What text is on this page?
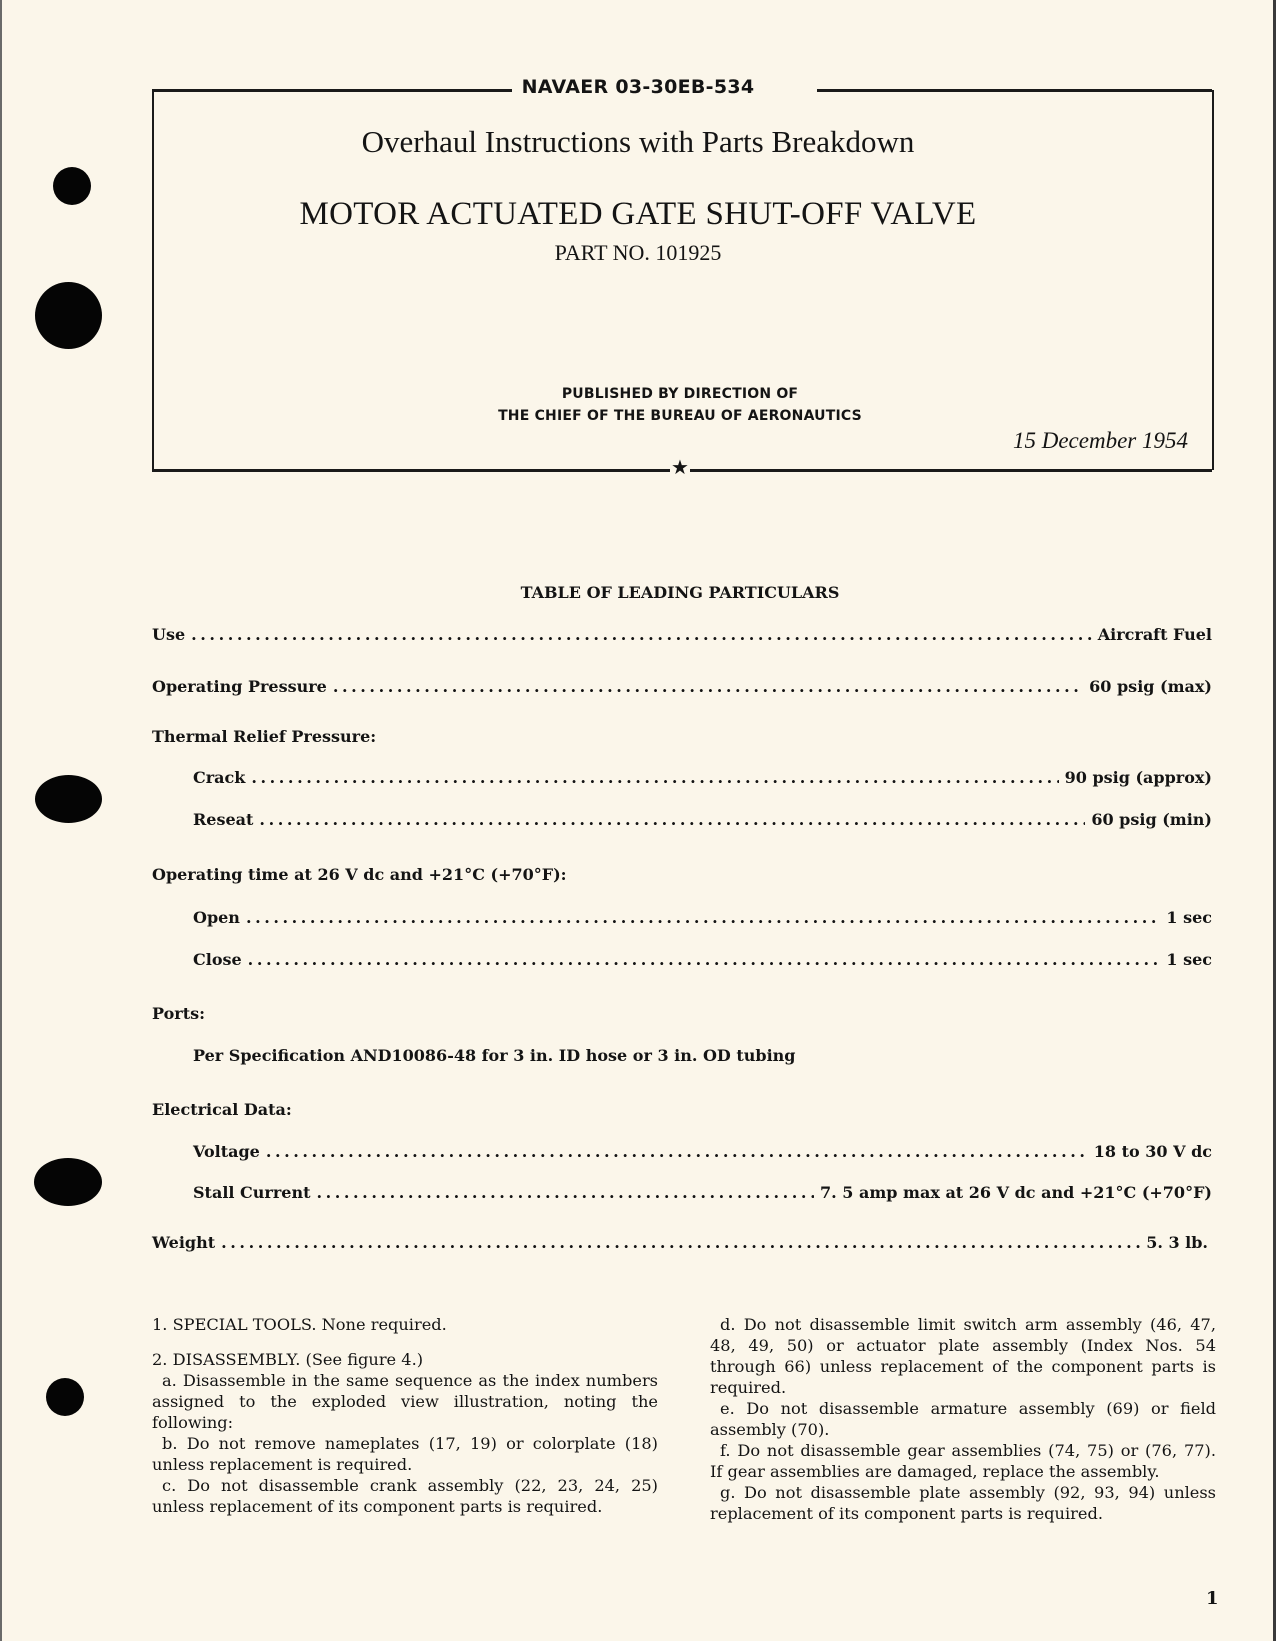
NAVAER 03-30EB-534
Overhaul Instructions with Parts Breakdown
MOTOR ACTUATED GATE SHUT-OFF VALVE
PART NO. 101925
PUBLISHED BY DIRECTION OF
THE CHIEF OF THE BUREAU OF AERONAUTICS
15 December 1954
★
TABLE OF LEADING PARTICULARS
Use . . .	Aircraft Fuel
Operating Pressure . . .	60 psig (max)
Thermal Relief Pressure:
Crack . . .	90 psig (approx)
Reseat . . .	60 psig (min)
Operating time at 26 V dc and +21°C (+70°F):
Open . . .	1 sec
Close . . .	1 sec
Ports:
Per Specification AND10086-48 for 3 in. ID hose or 3 in. OD tubing
Electrical Data:
Voltage . . .	18 to 30 V dc
Stall Current . . .	7. 5 amp max at 26 V dc and +21°C (+70°F)
Weight . . .	5. 3 lb.

1. SPECIAL TOOLS. None required.

2. DISASSEMBLY. (See figure 4.)

a. Disassemble in the same sequence as the index numbers assigned to the exploded view illustration, noting the following:

b. Do not remove nameplates (17, 19) or colorplate (18) unless replacement is required.

c. Do not disassemble crank assembly (22, 23, 24, 25) unless replacement of its component parts is required.

d. Do not disassemble limit switch arm assembly (46, 47, 48, 49, 50) or actuator plate assembly (Index Nos. 54 through 66) unless replacement of the component parts is required.

e. Do not disassemble armature assembly (69) or field assembly (70).

f. Do not disassemble gear assemblies (74, 75) or (76, 77). If gear assemblies are damaged, replace the assembly.

g. Do not disassemble plate assembly (92, 93, 94) unless replacement of its component parts is required.

1
